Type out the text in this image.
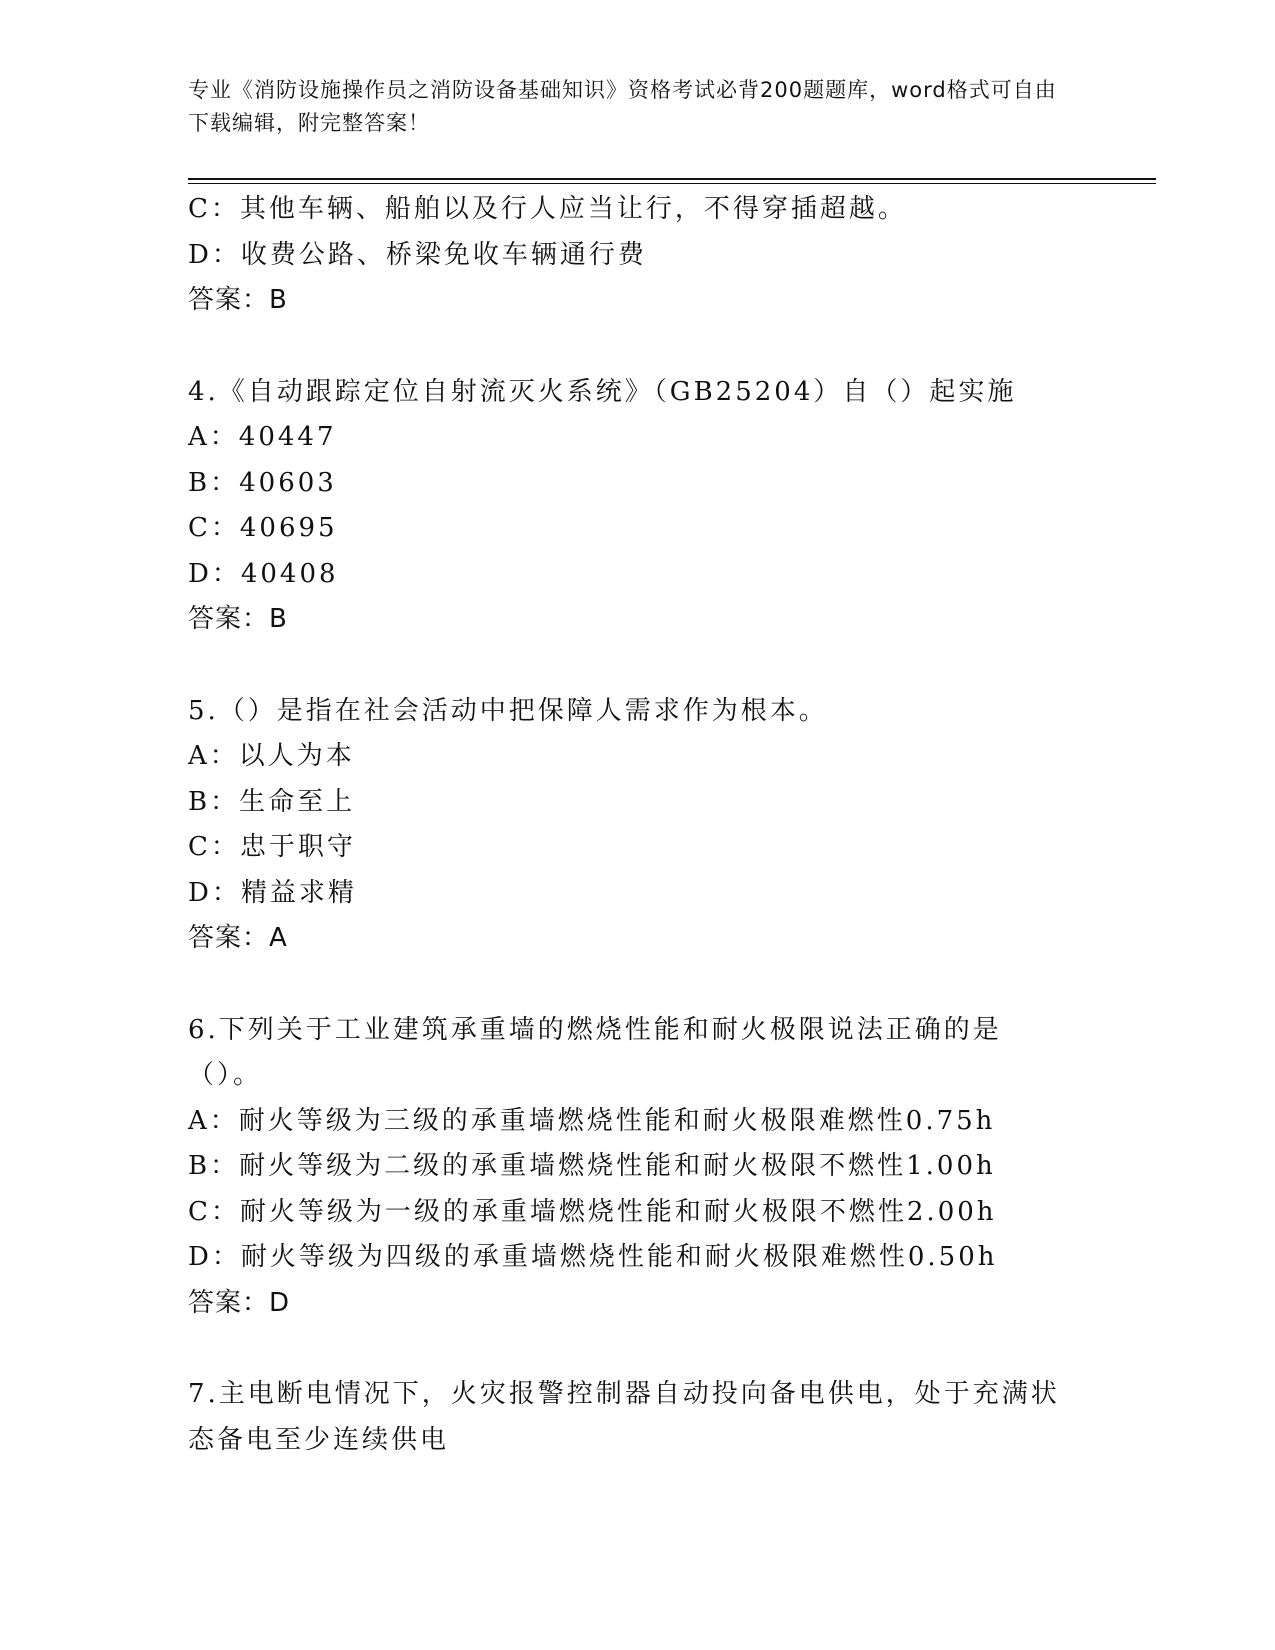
专业《消防设施操作员之消防设备基础知识》资格考试必背200题题库，word格式可自由下载编辑，附完整答案！
C：其他车辆、船舶以及行人应当让行，不得穿插超越。
D：收费公路、桥梁免收车辆通行费
答案：B
4.《自动跟踪定位自射流灭火系统》（GB25204）自（）起实施
A：40447
B：40603
C：40695
D：40408
答案：B
5.（）是指在社会活动中把保障人需求作为根本。
A：以人为本
B：生命至上
C：忠于职守
D：精益求精
答案：A
6.下列关于工业建筑承重墙的燃烧性能和耐火极限说法正确的是（）。
A：耐火等级为三级的承重墙燃烧性能和耐火极限难燃性0.75h
B：耐火等级为二级的承重墙燃烧性能和耐火极限不燃性1.00h
C：耐火等级为一级的承重墙燃烧性能和耐火极限不燃性2.00h
D：耐火等级为四级的承重墙燃烧性能和耐火极限难燃性0.50h
答案：D
7.主电断电情况下，火灾报警控制器自动投向备电供电，处于充满状态备电至少连续供电
